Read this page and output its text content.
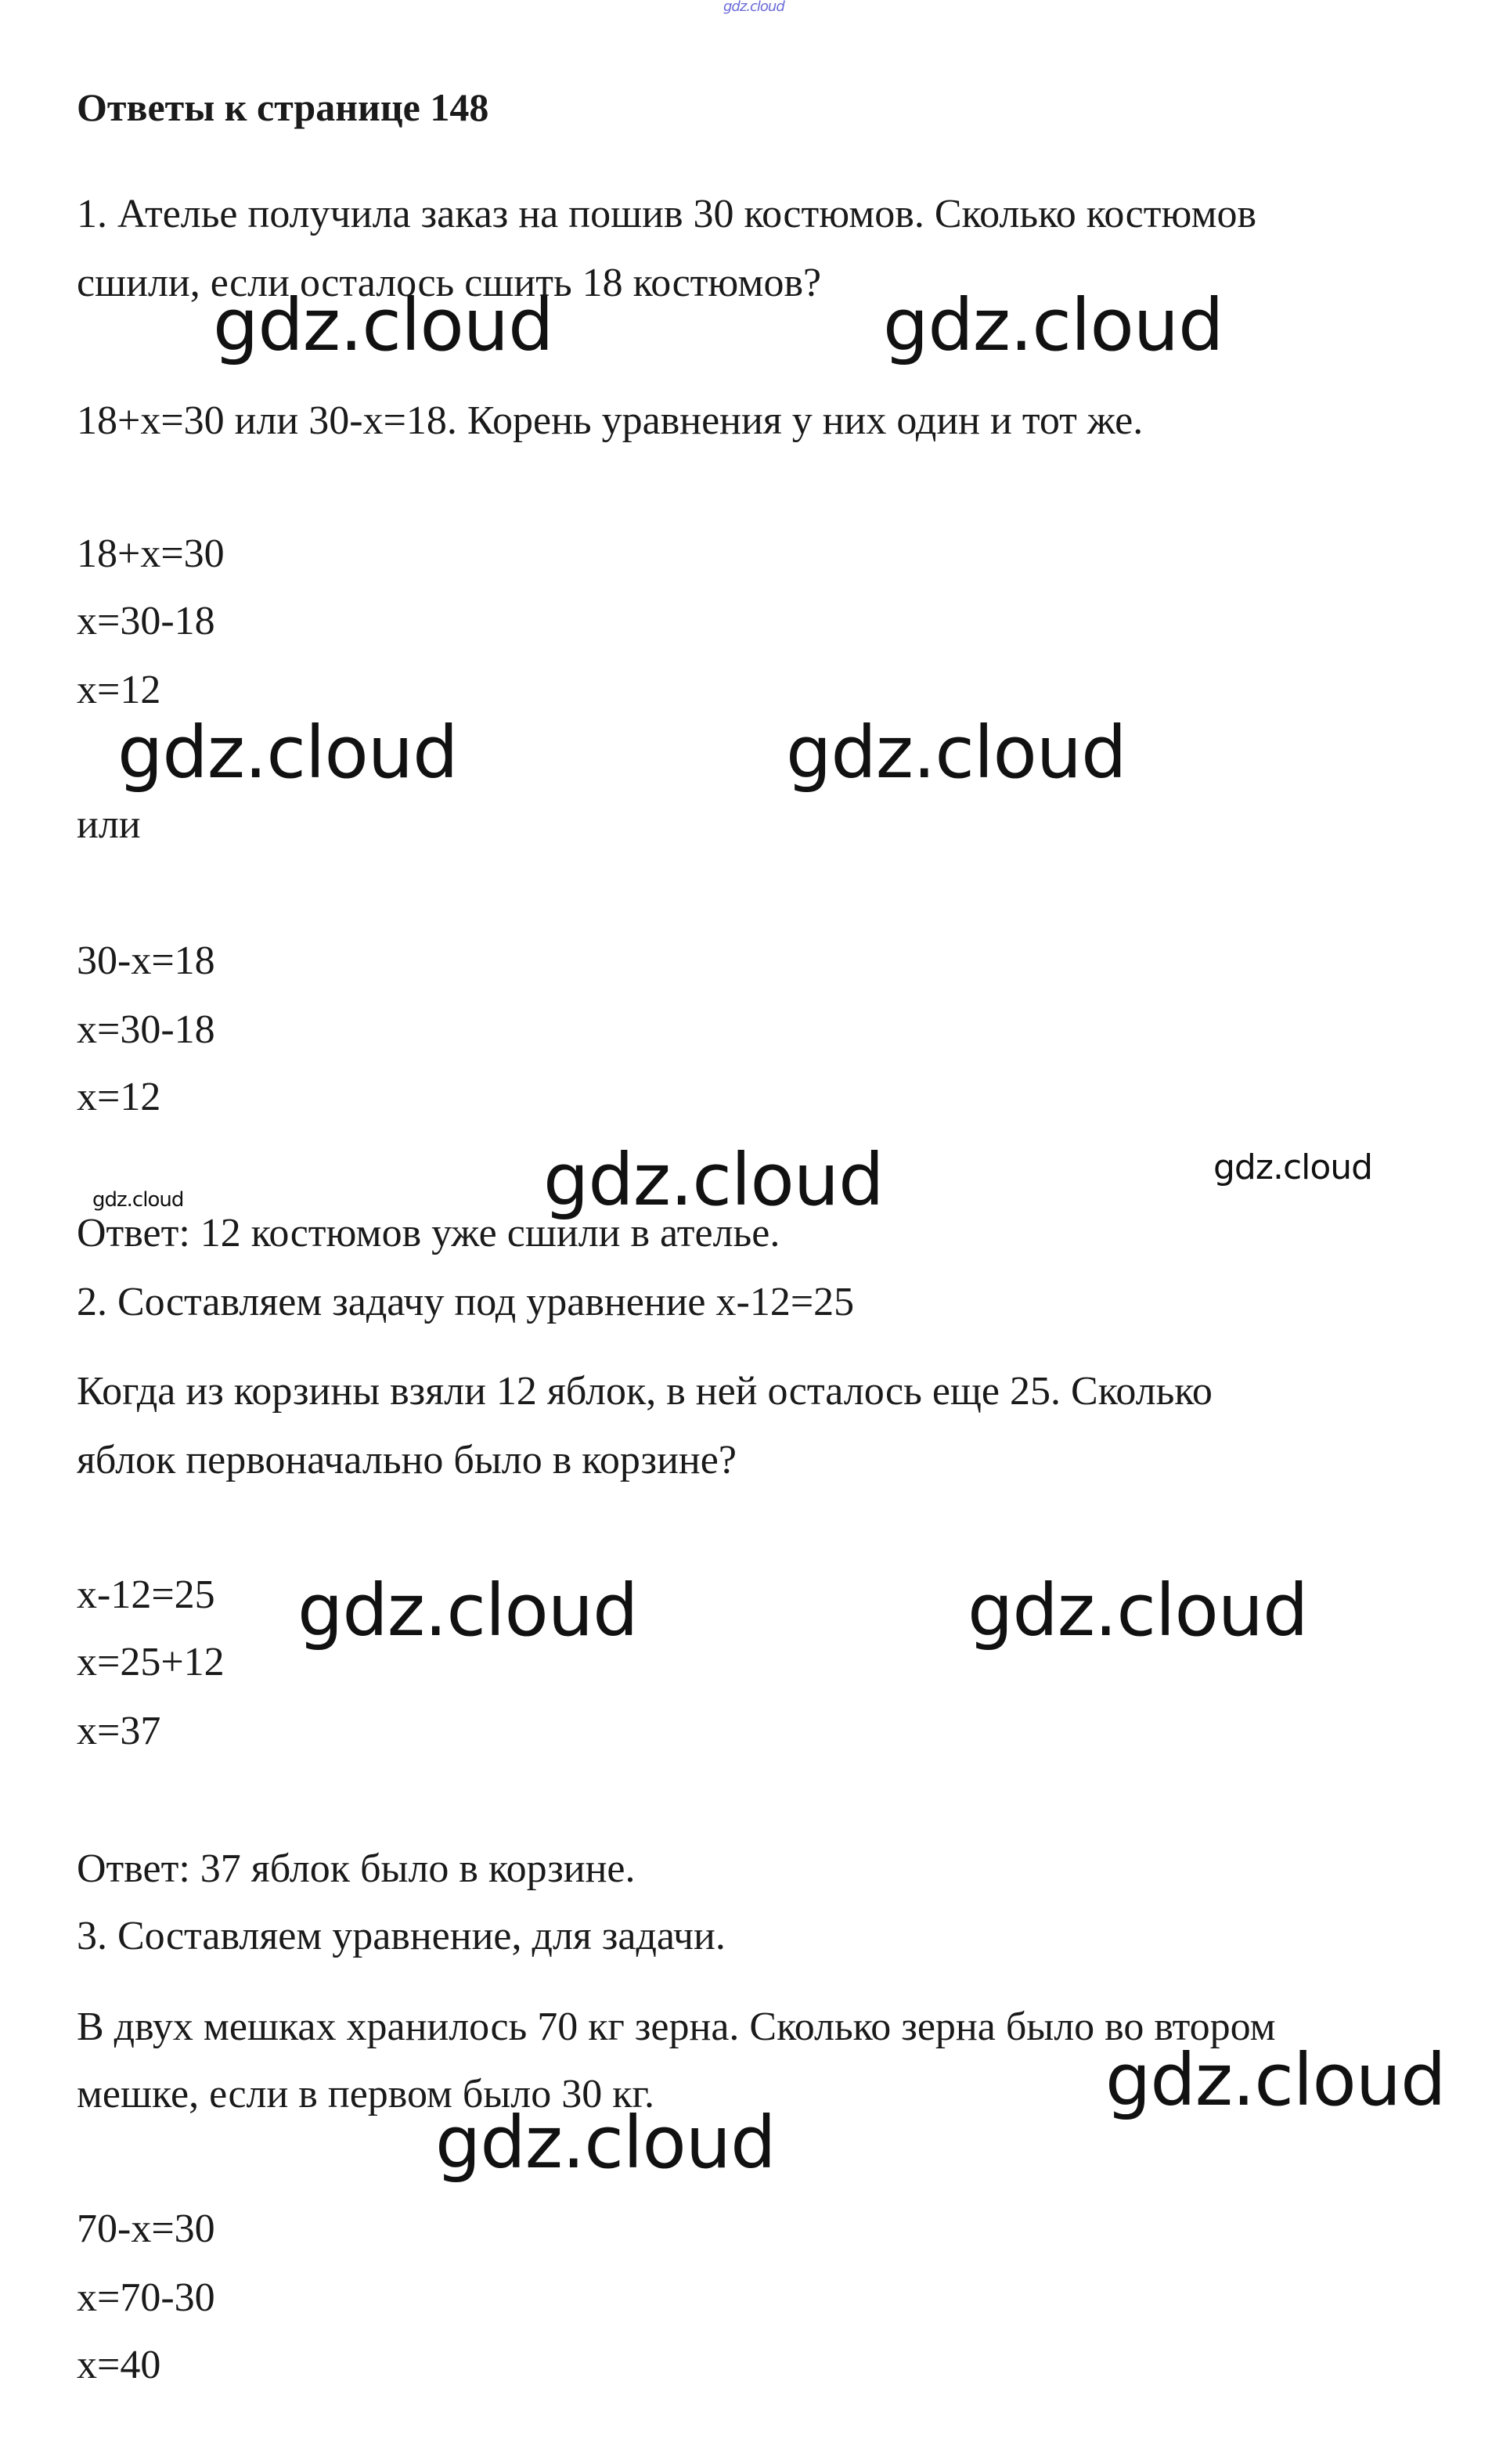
gdz.cloud
gdz.cloud	gdz.cloud
gdz.cloud	gdz.cloud
gdz.cloud	gdz.cloud
gdz.cloud
gdz.cloud	gdz.cloud
gdz.cloud
gdz.cloud
Ответы к странице 148
1. Ателье получила заказ на пошив 30 костюмов. Сколько костюмов
сшили, если осталось сшить 18 костюмов?
18+x=30 или 30-x=18. Корень уравнения у них один и тот же.
18+x=30
x=30-18
x=12
или
30-x=18
x=30-18
x=12
Ответ: 12 костюмов уже сшили в ателье.
2. Составляем задачу под уравнение x-12=25
Когда из корзины взяли 12 яблок, в ней осталось еще 25. Сколько
яблок первоначально было в корзине?
x-12=25
x=25+12
x=37
Ответ: 37 яблок было в корзине.
3. Составляем уравнение, для задачи.
В двух мешках хранилось 70 кг зерна. Сколько зерна было во втором
мешке, если в первом было 30 кг.
70-x=30
x=70-30
x=40
